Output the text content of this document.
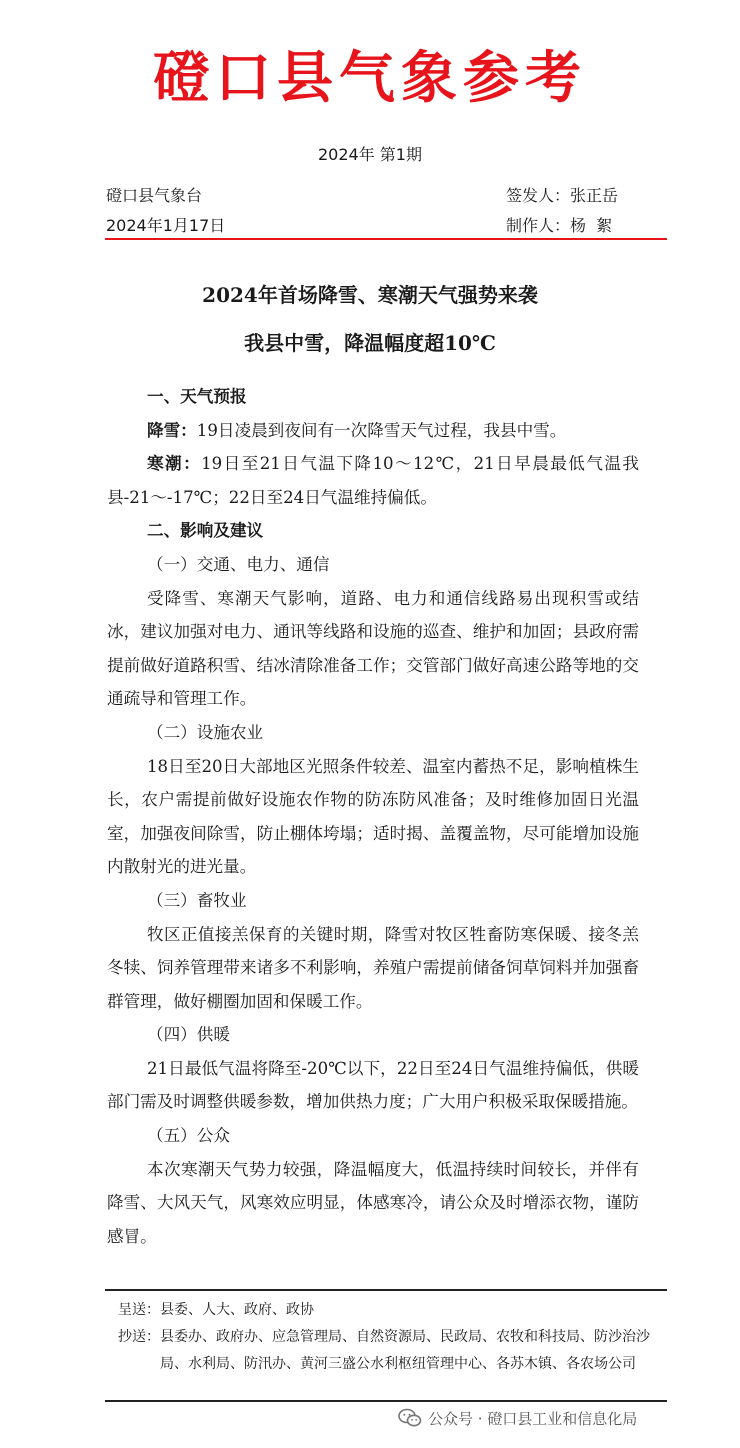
磴口县气象参考
2024年 第1期
磴口县气象台	签发人：张正岳
2024年1月17日	制作人：杨  絮
2024年首场降雪、寒潮天气强势来袭
我县中雪，降温幅度超10℃

一、天气预报

降雪：19日凌晨到夜间有一次降雪天气过程，我县中雪。

寒潮：19日至21日气温下降10～12℃，21日早晨最低气温我县-21～-17℃；22日至24日气温维持偏低。

二、影响及建议

（一）交通、电力、通信

受降雪、寒潮天气影响，道路、电力和通信线路易出现积雪或结冰，建议加强对电力、通讯等线路和设施的巡查、维护和加固；县政府需提前做好道路积雪、结冰清除准备工作；交管部门做好高速公路等地的交通疏导和管理工作。

（二）设施农业

18日至20日大部地区光照条件较差、温室内蓄热不足，影响植株生长，农户需提前做好设施农作物的防冻防风准备；及时维修加固日光温室，加强夜间除雪，防止棚体垮塌；适时揭、盖覆盖物，尽可能增加设施内散射光的进光量。

（三）畜牧业

牧区正值接羔保育的关键时期，降雪对牧区牲畜防寒保暖、接冬羔冬犊、饲养管理带来诸多不利影响，养殖户需提前储备饲草饲料并加强畜群管理，做好棚圈加固和保暖工作。

（四）供暖

21日最低气温将降至-20℃以下，22日至24日气温维持偏低，供暖部门需及时调整供暖参数，增加供热力度；广大用户积极采取保暖措施。

（五）公众

本次寒潮天气势力较强，降温幅度大，低温持续时间较长，并伴有降雪、大风天气，风寒效应明显，体感寒冷，请公众及时增添衣物，谨防感冒。

呈送： 县委、人大、政府、政协
抄送： 县委办、政府办、应急管理局、自然资源局、民政局、农牧和科技局、防沙治沙局、水利局、防汛办、黄河三盛公水利枢纽管理中心、各苏木镇、各农场公司
公众号 · 磴口县工业和信息化局
